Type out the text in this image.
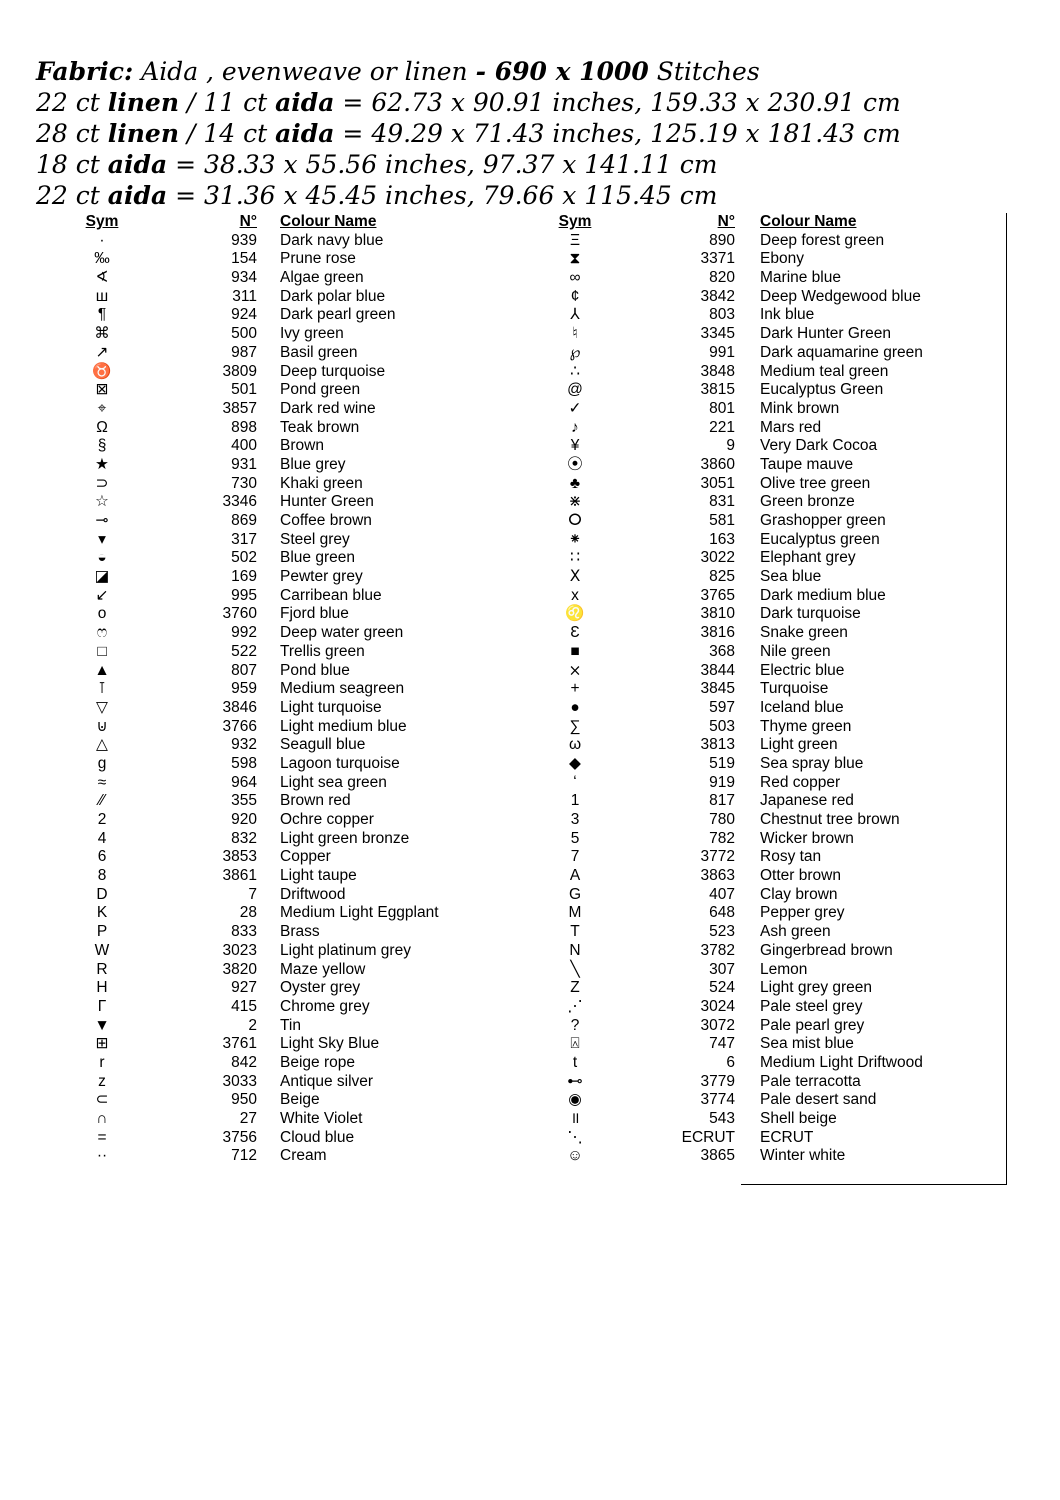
Fabric: Aida , evenweave or linen - 690 x 1000 Stitches
22 ct linen / 11 ct aida = 62.73 x 90.91 inches, 159.33 x 230.91 cm
28 ct linen / 14 ct aida = 49.29 x 71.43 inches, 125.19 x 181.43 cm
18 ct aida = 38.33 x 55.56 inches, 97.37 x 141.11 cm
22 ct aida = 31.36 x 45.45 inches, 79.66 x 115.45 cm
Sym	N° Colour Name
·	939 Dark navy blue
‰	154 Prune rose
∢	934 Algae green
ш	311 Dark polar blue
¶	924 Dark pearl green
⌘	500 Ivy green
↗	987 Basil green
♉	3809 Deep turquoise
⊠	501 Pond green
⌖	3857 Dark red wine
Ω	898 Teak brown
§	400 Brown
★	931 Blue grey
⊃	730 Khaki green
☆	3346 Hunter Green
⊸	869 Coffee brown
▾	317 Steel grey
◒	502 Blue green
◪	169 Pewter grey
↙	995 Carribean blue
o	3760 Fjord blue
ෆ	992 Deep water green
□	522 Trellis green
▲	807 Pond blue
⊺	959 Medium seagreen
▽	3846 Light turquoise
⊍	3766 Light medium blue
△	932 Seagull blue
g	598 Lagoon turquoise
≈	964 Light sea green
⁄⁄	355 Brown red
2	920 Ochre copper
4	832 Light green bronze
6	3853 Copper
8	3861 Light taupe
D	7 Driftwood
K	28 Medium Light Eggplant
P	833 Brass
W	3023 Light platinum grey
R	3820 Maze yellow
H	927 Oyster grey
Γ	415 Chrome grey
▼	2 Tin
⊞	3761 Light Sky Blue
r	842 Beige rope
z	3033 Antique silver
⊂	950 Beige
∩	27 White Violet
=	3756 Cloud blue
··	712 Cream
Sym	N° Colour Name
Ξ	890 Deep forest green
⧗	3371 Ebony
∞	820 Marine blue
¢	3842 Deep Wedgewood blue
⅄	803 Ink blue
♮	3345 Dark Hunter Green
℘	991 Dark aquamarine green
∴	3848 Medium teal green
@	3815 Eucalyptus Green
✓	801 Mink brown
♪	221 Mars red
¥	9 Very Dark Cocoa
⦿	3860 Taupe mauve
♣	3051 Olive tree green
⋇	831 Green bronze
ⵔ	581 Grashopper green
⁕	163 Eucalyptus green
∷	3022 Elephant grey
ⵝ	825 Sea blue
x	3765 Dark medium blue
♌	3810 Dark turquoise
Ɛ	3816 Snake green
■	368 Nile green
⨯	3844 Electric blue
+	3845 Turquoise
●	597 Iceland blue
∑	503 Thyme green
ω	3813 Light green
◆	519 Sea spray blue
ʻ	919 Red copper
1	817 Japanese red
3	780 Chestnut tree brown
5	782 Wicker brown
7	3772 Rosy tan
A	3863 Otter brown
G	407 Clay brown
M	648 Pepper grey
T	523 Ash green
N	3782 Gingerbread brown
╲	307 Lemon
Z	524 Light grey green
⋰	3024 Pale steel grey
?	3072 Pale pearl grey
⍓	747 Sea mist blue
t	6 Medium Light Driftwood
⊷	3779 Pale terracotta
◉	3774 Pale desert sand
॥	543 Shell beige
⋱	ECRUT ECRUT
☺	3865 Winter white
